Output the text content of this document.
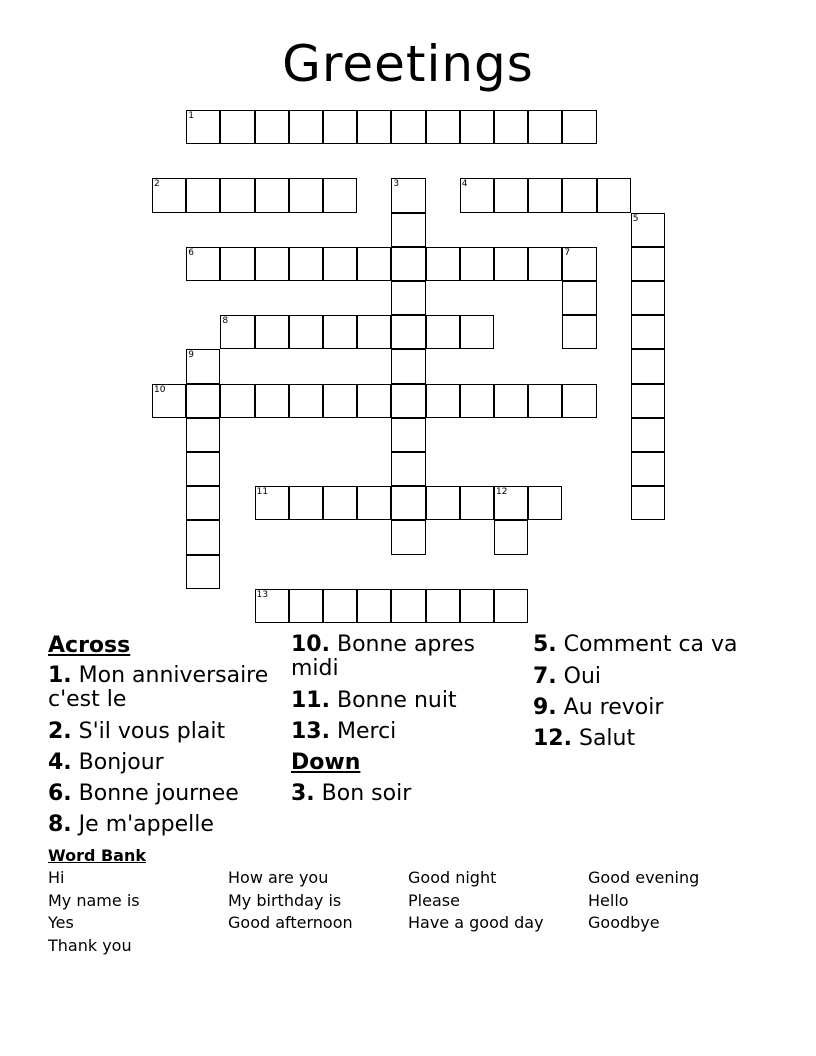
Greetings
1
2	3	4
5
6	7
8
9
10
11	12
13
Across
1. Mon anniversaire c'est le
2. S'il vous plait
4. Bonjour
6. Bonne journee
8. Je m'appelle
10. Bonne apres midi
11. Bonne nuit
13. Merci
Down
3. Bon soir
5. Comment ca va
7. Oui
9. Au revoir
12. Salut
Word Bank
Hi	How are you	Good night	Good evening
My name is	My birthday is	Please	Hello
Yes	Good afternoon	Have a good day	Goodbye
Thank you
